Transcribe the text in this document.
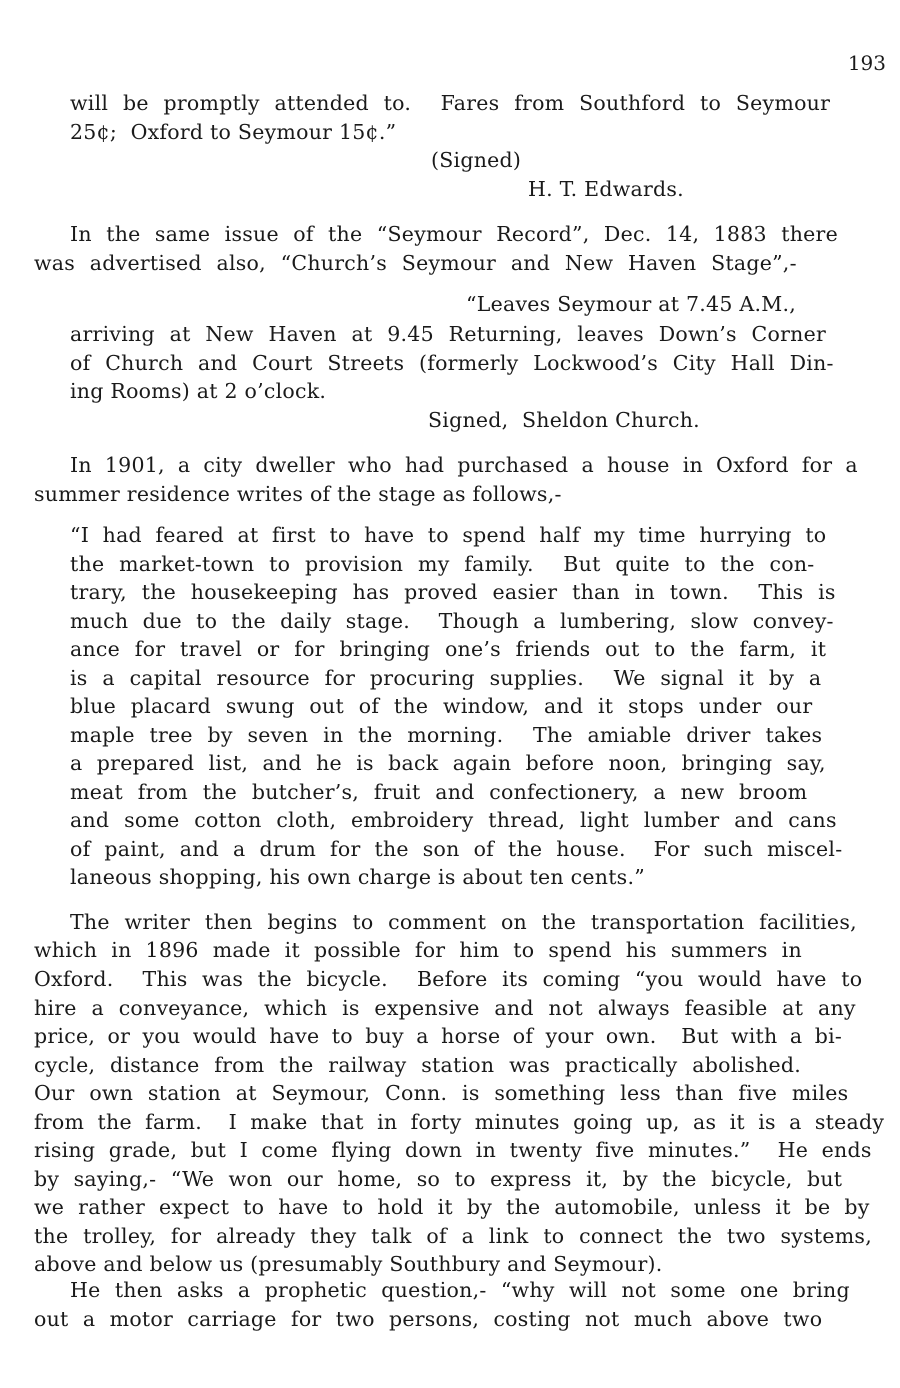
193
will be promptly attended to.  Fares from Southford to Seymour
25¢;  Oxford to Seymour 15¢.”
(Signed)
H. T. Edwards.
In the same issue of the “Seymour Record”, Dec. 14, 1883 there
was advertised also, “Church’s Seymour and New Haven Stage”,-
“Leaves Seymour at 7.45 A.M.,
arriving at New Haven at 9.45 Returning, leaves Down’s Corner
of Church and Court Streets (formerly Lockwood’s City Hall Din-
ing Rooms) at 2 o’clock.
Signed,  Sheldon Church.
In 1901, a city dweller who had purchased a house in Oxford for a
summer residence writes of the stage as follows,-
“I had feared at first to have to spend half my time hurrying to
the market-town to provision my family.  But quite to the con-
trary, the housekeeping has proved easier than in town.  This is
much due to the daily stage.  Though a lumbering, slow convey-
ance for travel or for bringing one’s friends out to the farm, it
is a capital resource for procuring supplies.  We signal it by a
blue placard swung out of the window, and it stops under our
maple tree by seven in the morning.  The amiable driver takes
a prepared list, and he is back again before noon, bringing say,
meat from the butcher’s, fruit and confectionery, a new broom
and some cotton cloth, embroidery thread, light lumber and cans
of paint, and a drum for the son of the house.  For such miscel-
laneous shopping, his own charge is about ten cents.”
The writer then begins to comment on the transportation facilities,
which in 1896 made it possible for him to spend his summers in
Oxford.  This was the bicycle.  Before its coming “you would have to
hire a conveyance, which is expensive and not always feasible at any
price, or you would have to buy a horse of your own.  But with a bi-
cycle, distance from the railway station was practically abolished.
Our own station at Seymour, Conn. is something less than five miles
from the farm.  I make that in forty minutes going up, as it is a steady
rising grade, but I come flying down in twenty five minutes.”  He ends
by saying,- “We won our home, so to express it, by the bicycle, but
we rather expect to have to hold it by the automobile, unless it be by
the trolley, for already they talk of a link to connect the two systems,
above and below us (presumably Southbury and Seymour).
He then asks a prophetic question,- “why will not some one bring
out a motor carriage for two persons, costing not much above two
